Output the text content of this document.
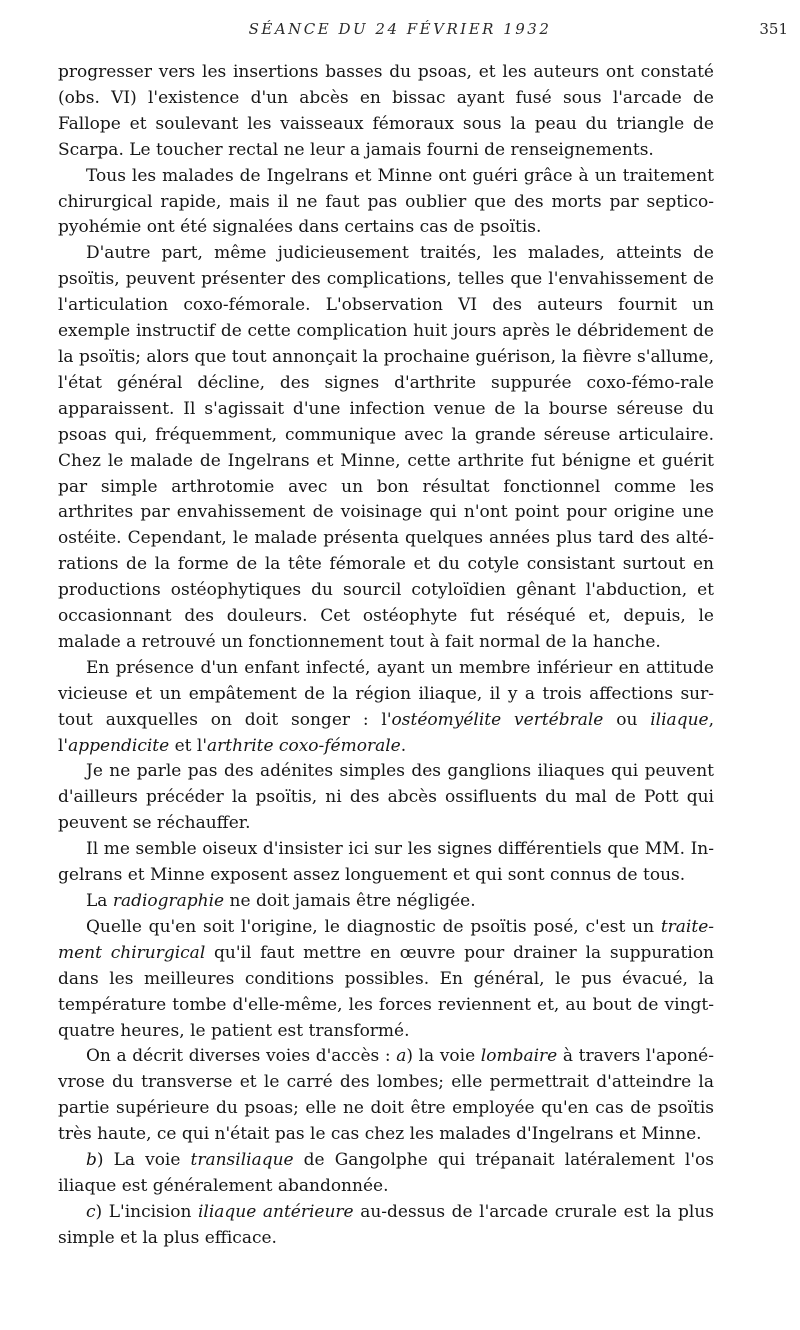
SÉANCE DU 24 FÉVRIER 1932	351

progresser vers les insertions basses du psoas, et les auteurs ont constaté (obs. VI) l'existence d'un abcès en bissac ayant fusé sous l'arcade de Fallope et soulevant les vaisseaux fémoraux sous la peau du triangle de Scarpa. Le toucher rectal ne leur a jamais fourni de renseignements.

Tous les malades de Ingelrans et Minne ont guéri grâce à un traitement chirurgical rapide, mais il ne faut pas oublier que des morts par septico-pyohémie ont été signalées dans certains cas de psoïtis.

D'autre part, même judicieusement traités, les malades, atteints de psoïtis, peuvent présenter des complications, telles que l'envahissement de l'articulation coxo-fémorale. L'observation VI des auteurs fournit un exemple instructif de cette complication huit jours après le débridement de la psoïtis; alors que tout annonçait la prochaine guérison, la fièvre s'allume, l'état général décline, des signes d'arthrite suppurée coxo-fémo-rale apparaissent. Il s'agissait d'une infection venue de la bourse séreuse du psoas qui, fréquemment, communique avec la grande séreuse articulaire. Chez le malade de Ingelrans et Minne, cette arthrite fut bénigne et guérit par simple arthrotomie avec un bon résultat fonctionnel comme les arthrites par envahissement de voisinage qui n'ont point pour origine une ostéite. Cependant, le malade présenta quelques années plus tard des alté-rations de la forme de la tête fémorale et du cotyle consistant surtout en productions ostéophytiques du sourcil cotyloïdien gênant l'abduction, et occasionnant des douleurs. Cet ostéophyte fut réséqué et, depuis, le malade a retrouvé un fonctionnement tout à fait normal de la hanche.

En présence d'un enfant infecté, ayant un membre inférieur en attitude vicieuse et un empâtement de la région iliaque, il y a trois affections sur-tout auxquelles on doit songer : l'ostéomyélite vertébrale ou iliaque, l'appendicite et l'arthrite coxo-fémorale.

Je ne parle pas des adénites simples des ganglions iliaques qui peuvent d'ailleurs précéder la psoïtis, ni des abcès ossifluents du mal de Pott qui peuvent se réchauffer.

Il me semble oiseux d'insister ici sur les signes différentiels que MM. In-gelrans et Minne exposent assez longuement et qui sont connus de tous.

La radiographie ne doit jamais être négligée.

Quelle qu'en soit l'origine, le diagnostic de psoïtis posé, c'est un traite-ment chirurgical qu'il faut mettre en œuvre pour drainer la suppuration dans les meilleures conditions possibles. En général, le pus évacué, la température tombe d'elle-même, les forces reviennent et, au bout de vingt-quatre heures, le patient est transformé.

On a décrit diverses voies d'accès : a) la voie lombaire à travers l'aponé-vrose du transverse et le carré des lombes; elle permettrait d'atteindre la partie supérieure du psoas; elle ne doit être employée qu'en cas de psoïtis très haute, ce qui n'était pas le cas chez les malades d'Ingelrans et Minne.

b) La voie transiliaque de Gangolphe qui trépanait latéralement l'os iliaque est généralement abandonnée.

c) L'incision iliaque antérieure au-dessus de l'arcade crurale est la plus simple et la plus efficace.
